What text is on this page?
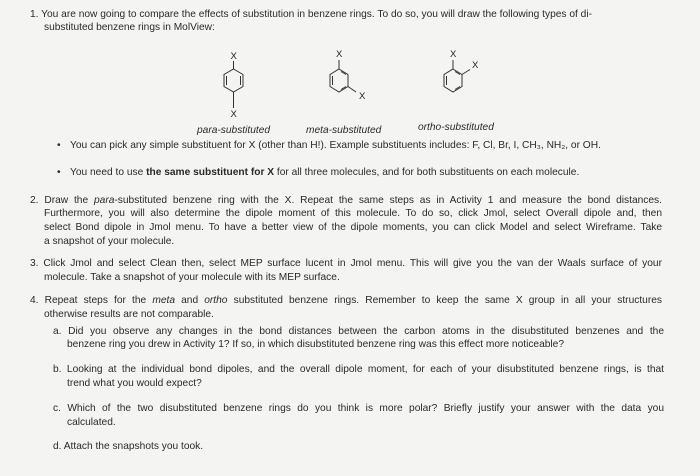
1. You are now going to compare the effects of substitution in benzene rings. To do so, you will draw the following types of di-
substituted benzene rings in MolView:
X
X
X
X
X
X
para-substituted	meta-substituted	ortho-substituted
• You can pick any simple substituent for X (other than H!). Example substituents includes: F, Cl, Br, I, CH₃, NH₂, or OH.
• You need to use the same substituent for X for all three molecules, and for both substituents on each molecule.
2. Draw the para-substituted benzene ring with the X. Repeat the same steps as in Activity 1 and measure the bond distances.
Furthermore, you will also determine the dipole moment of this molecule. To do so, click Jmol, select Overall dipole and, then
select Bond dipole in Jmol menu. To have a better view of the dipole moments, you can click Model and select Wireframe. Take
a snapshot of your molecule.
3. Click Jmol and select Clean then, select MEP surface lucent in Jmol menu. This will give you the van der Waals surface of your
molecule. Take a snapshot of your molecule with its MEP surface.
4. Repeat steps for the meta and ortho substituted benzene rings. Remember to keep the same X group in all your structures
otherwise results are not comparable.
a. Did you observe any changes in the bond distances between the carbon atoms in the disubstituted benzenes and the
benzene ring you drew in Activity 1? If so, in which disubstituted benzene ring was this effect more noticeable?
b. Looking at the individual bond dipoles, and the overall dipole moment, for each of your disubstituted benzene rings, is that
trend what you would expect?
c. Which of the two disubstituted benzene rings do you think is more polar? Briefly justify your answer with the data you
calculated.
d. Attach the snapshots you took.
